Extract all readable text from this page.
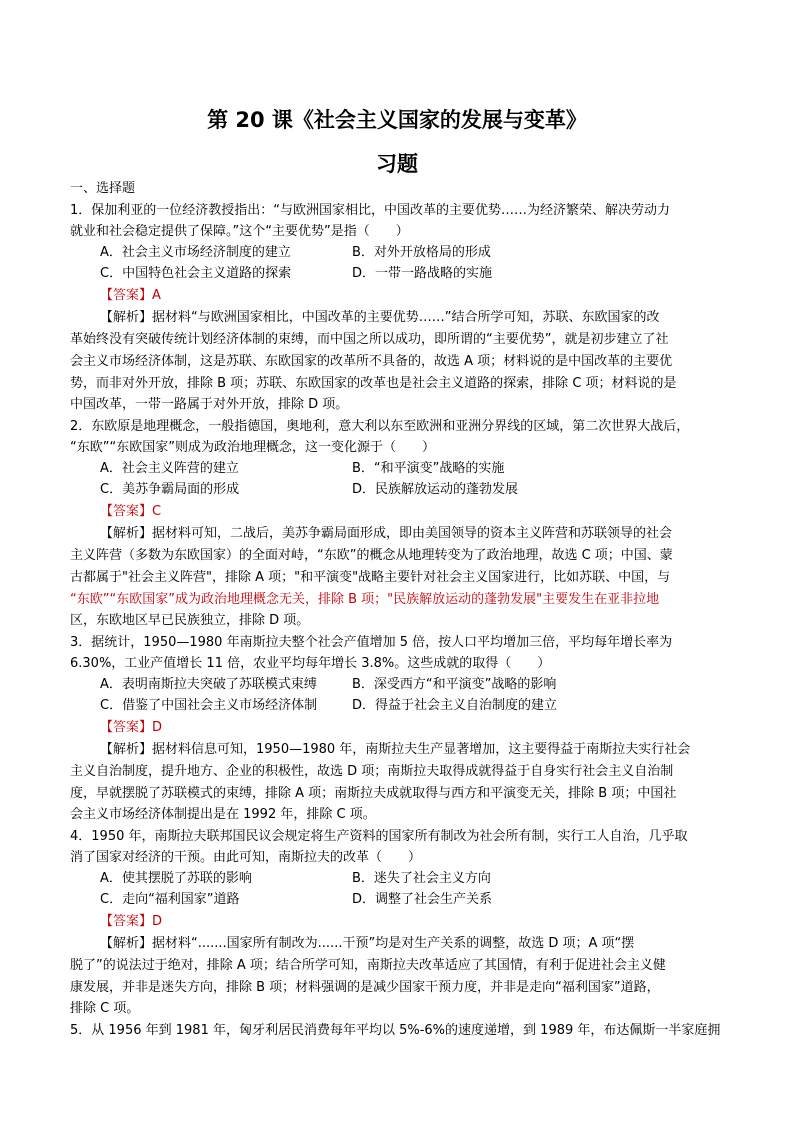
第 20 课《社会主义国家的发展与变革》
习题
一、选择题
1．保加利亚的一位经济教授指出：“与欧洲国家相比，中国改革的主要优势……为经济繁荣、解决劳动力
就业和社会稳定提供了保障。”这个“主要优势”是指（　　）
A．社会主义市场经济制度的建立	B．对外开放格局的形成
C．中国特色社会主义道路的探索	D．一带一路战略的实施
【答案】A
【解析】据材料“与欧洲国家相比，中国改革的主要优势……”结合所学可知，苏联、东欧国家的改
革始终没有突破传统计划经济体制的束缚，而中国之所以成功，即所谓的“主要优势”，就是初步建立了社
会主义市场经济体制，这是苏联、东欧国家的改革所不具备的，故选 A 项；材料说的是中国改革的主要优
势，而非对外开放，排除 B 项；苏联、东欧国家的改革也是社会主义道路的探索，排除 C 项；材料说的是
中国改革，一带一路属于对外开放，排除 D 项。
2．东欧原是地理概念，一般指德国，奥地利，意大利以东至欧洲和亚洲分界线的区域，第二次世界大战后，
“东欧”“东欧国家”则成为政治地理概念，这一变化源于（　　）
A．社会主义阵营的建立	B．“和平演变”战略的实施
C．美苏争霸局面的形成	D．民族解放运动的蓬勃发展
【答案】C
【解析】据材料可知，二战后，美苏争霸局面形成，即由美国领导的资本主义阵营和苏联领导的社会
主义阵营（多数为东欧国家）的全面对峙，“东欧”的概念从地理转变为了政治地理，故选 C 项；中国、蒙
古都属于"社会主义阵营"，排除 A 项；"和平演变"战略主要针对社会主义国家进行，比如苏联、中国，与
“东欧”“东欧国家”成为政治地理概念无关，排除 B 项；"民族解放运动的蓬勃发展"主要发生在亚非拉地
区，东欧地区早已民族独立，排除 D 项。
3．据统计，1950—1980 年南斯拉夫整个社会产值增加 5 倍，按人口平均增加三倍，平均每年增长率为
6.30%，工业产值增长 11 倍，农业平均每年增长 3.8%。这些成就的取得（　　）
A．表明南斯拉夫突破了苏联模式束缚	B．深受西方“和平演变”战略的影响
C．借鉴了中国社会主义市场经济体制	D．得益于社会主义自治制度的建立
【答案】D
【解析】据材料信息可知，1950—1980 年，南斯拉夫生产显著增加，这主要得益于南斯拉夫实行社会
主义自治制度，提升地方、企业的积极性，故选 D 项；南斯拉夫取得成就得益于自身实行社会主义自治制
度，早就摆脱了苏联模式的束缚，排除 A 项；南斯拉夫成就取得与西方和平演变无关，排除 B 项；中国社
会主义市场经济体制提出是在 1992 年，排除 C 项。
4．1950 年，南斯拉夫联邦国民议会规定将生产资料的国家所有制改为社会所有制，实行工人自治，几乎取
消了国家对经济的干预。由此可知，南斯拉夫的改革（　　）
A．使其摆脱了苏联的影响	B．迷失了社会主义方向
C．走向“福利国家”道路	D．调整了社会生产关系
【答案】D
【解析】据材料“.......国家所有制改为......干预”均是对生产关系的调整，故选 D 项；A 项“摆
脱了”的说法过于绝对，排除 A 项；结合所学可知，南斯拉夫改革适应了其国情，有利于促进社会主义健
康发展，并非是迷失方向，排除 B 项；材料强调的是减少国家干预力度，并非是走向“福利国家”道路，
排除 C 项。
5．从 1956 年到 1981 年，匈牙利居民消费每年平均以 5%-6%的速度递增，到 1989 年，布达佩斯一半家庭拥
